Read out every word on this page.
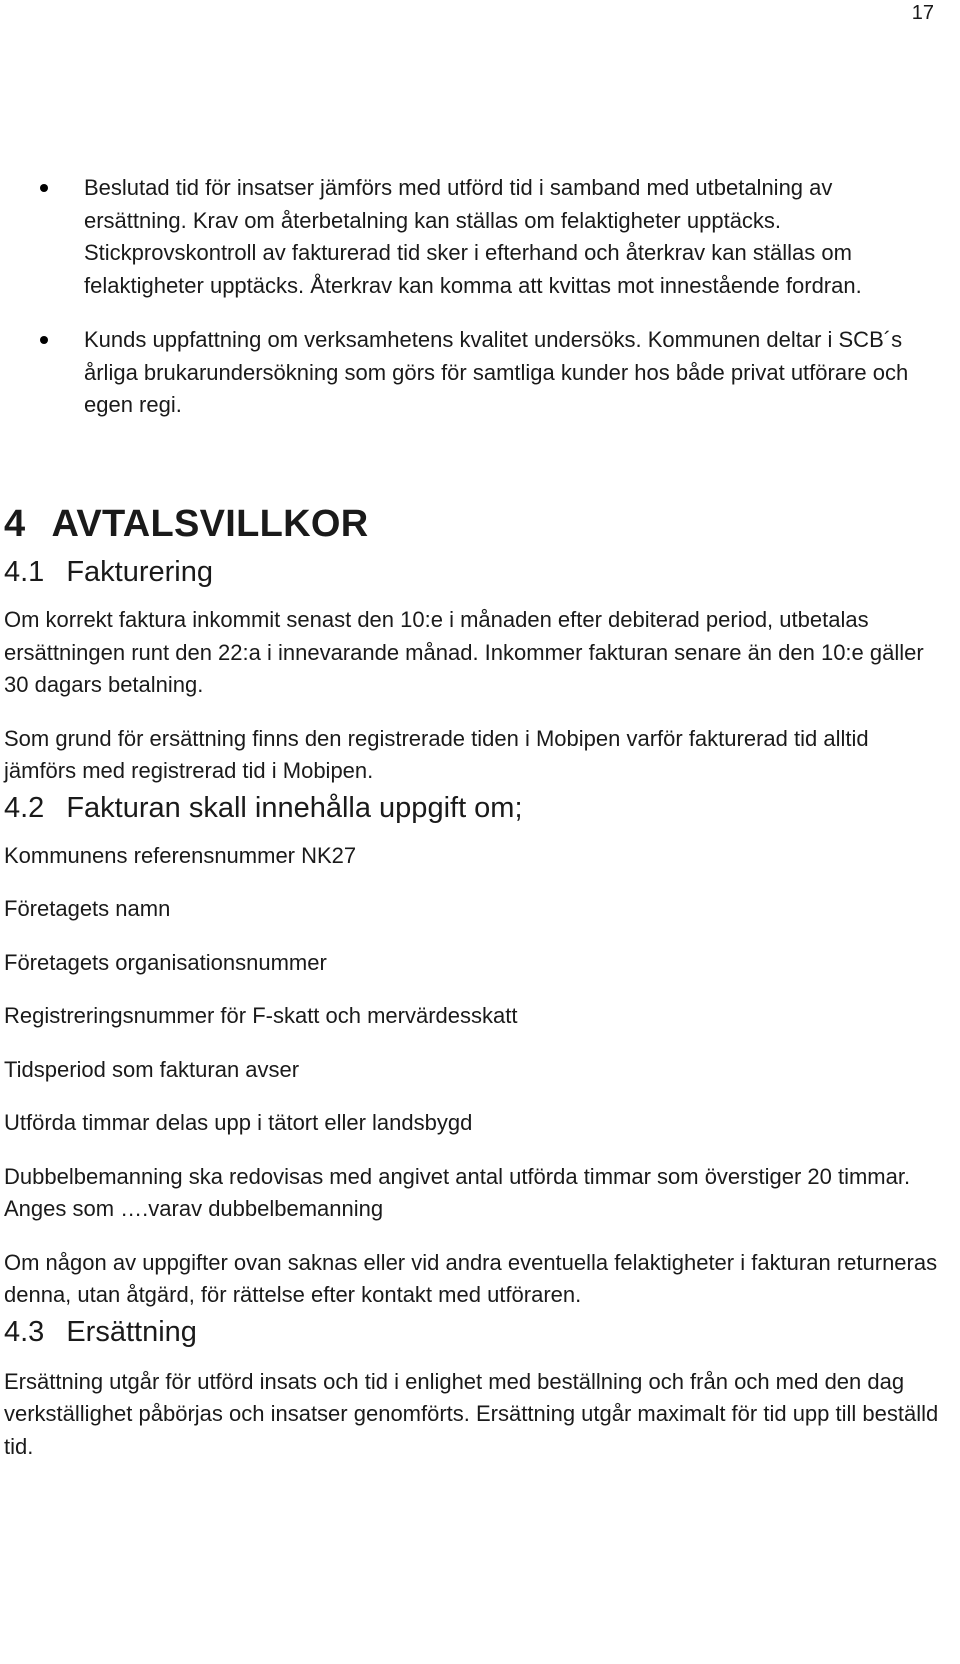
17
Beslutad tid för insatser jämförs med utförd tid i samband med utbetalning av ersättning. Krav om återbetalning kan ställas om felaktigheter upptäcks. Stickprovskontroll av fakturerad tid sker i efterhand och återkrav kan ställas om felaktigheter upptäcks. Återkrav kan komma att kvittas mot innestående fordran.
Kunds uppfattning om verksamhetens kvalitet undersöks. Kommunen deltar i SCB´s årliga brukarundersökning som görs för samtliga kunder hos både privat utförare och egen regi.
4 AVTALSVILLKOR
4.1 Fakturering

Om korrekt faktura inkommit senast den 10:e i månaden efter debiterad period, utbetalas ersättningen runt den 22:a i innevarande månad. Inkommer fakturan senare än den 10:e gäller 30 dagars betalning.

Som grund för ersättning finns den registrerade tiden i Mobipen varför fakturerad tid alltid jämförs med registrerad tid i Mobipen.

4.2 Fakturan skall innehålla uppgift om;

Kommunens referensnummer NK27

Företagets namn

Företagets organisationsnummer

Registreringsnummer för F-skatt och mervärdesskatt

Tidsperiod som fakturan avser

Utförda timmar delas upp i tätort eller landsbygd

Dubbelbemanning ska redovisas med angivet antal utförda timmar som överstiger 20 timmar. Anges som ….varav dubbelbemanning

Om någon av uppgifter ovan saknas eller vid andra eventuella felaktigheter i fakturan returneras denna, utan åtgärd, för rättelse efter kontakt med utföraren.

4.3 Ersättning

Ersättning utgår för utförd insats och tid i enlighet med beställning och från och med den dag verkställighet påbörjas och insatser genomförts. Ersättning utgår maximalt för tid upp till beställd tid.
